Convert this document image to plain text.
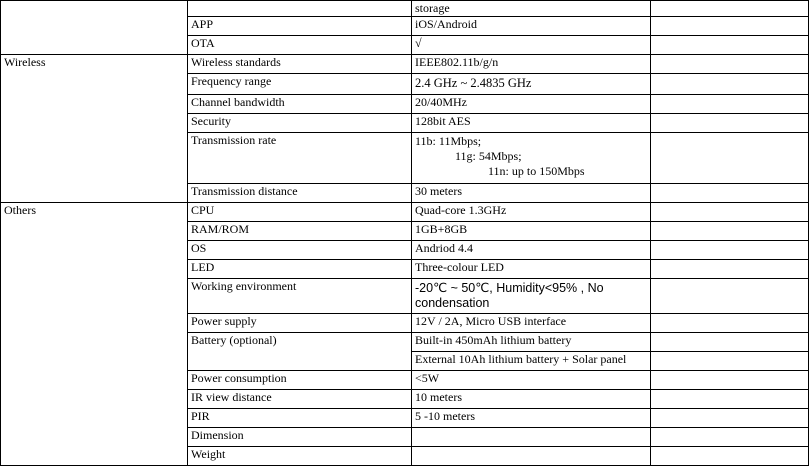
		storage	
	APP	iOS/Android	
	OTA	√	
Wireless	Wireless standards	IEEE802.11b/g/n	
	Frequency range	2.4 GHz ~ 2.4835 GHz	
	Channel bandwidth	20/40MHz	
	Security	128bit AES	
	Transmission rate	11b: 11Mbps;
11g: 54Mbps;
11n: up to 150Mbps	

	Transmission distance	30 meters	
Others	CPU	Quad-core 1.3GHz	
	RAM/ROM	1GB+8GB	
	OS	Andriod 4.4	
	LED	Three-colour LED	
	Working environment	-20℃ ~ 50℃, Humidity<95% , No condensation	
	Power supply	12V / 2A, Micro USB interface	
	Battery (optional)	Built-in 450mAh lithium battery	
		External 10Ah lithium battery + Solar panel	
	Power consumption	<5W	
	IR view distance	10 meters	
	PIR	5 -10 meters	
	Dimension		
	Weight		
